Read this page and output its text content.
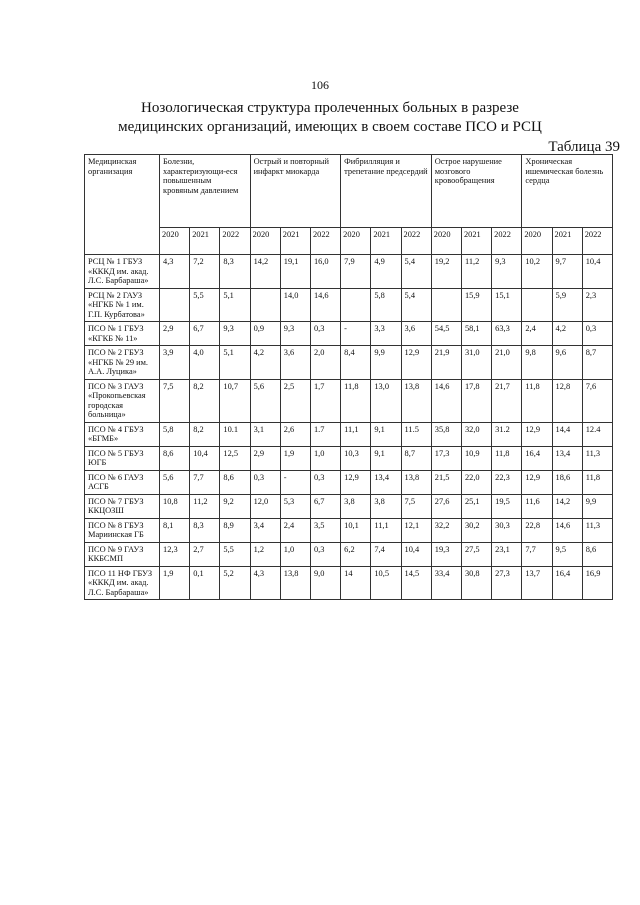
106
Нозологическая структура пролеченных больных в разрезе медицинских организаций, имеющих в своем составе ПСО и РСЦ
Таблица 39
Медицинская организация	Болезни, характеризующи-еся повышенным кровяным давлением			Острый и повторный инфаркт миокарда			Фибрилляция и трепетание предсердий			Острое нарушение мозгового кровообращения			Хроническая ишемическая болезнь сердца		
	2020	2021	2022	2020	2021	2022	2020	2021	2022	2020	2021	2022	2020	2021	2022
РСЦ № 1 ГБУЗ «КККД им. акад. Л.С. Барбараша»	4,3	7,2	8,3	14,2	19,1	16,0	7,9	4,9	5,4	19,2	11,2	9,3	10,2	9,7	10,4
РСЦ № 2 ГАУЗ «НГКБ № 1 им. Г.П. Курбатова»		5,5	5,1		14,0	14,6		5,8	5,4		15,9	15,1		5,9	2,3
ПСО № 1 ГБУЗ «КГКБ № 11»	2,9	6,7	9,3	0,9	9,3	0,3	-	3,3	3,6	54,5	58,1	63,3	2,4	4,2	0,3
ПСО № 2 ГБУЗ «НГКБ № 29 им. А.А. Луцика»	3,9	4,0	5,1	4,2	3,6	2,0	8,4	9,9	12,9	21,9	31,0	21,0	9,8	9,6	8,7
ПСО № 3 ГАУЗ «Прокопьевская городская больница»	7,5	8,2	10,7	5,6	2,5	1,7	11,8	13,0	13,8	14,6	17,8	21,7	11,8	12,8	7,6
ПСО № 4 ГБУЗ «БГМБ»	5,8	8,2	10.1	3,1	2,6	1.7	11,1	9,1	11.5	35,8	32,0	31.2	12,9	14,4	12.4
ПСО № 5 ГБУЗ ЮГБ	8,6	10,4	12,5	2,9	1,9	1,0	10,3	9,1	8,7	17,3	10,9	11,8	16,4	13,4	11,3
ПСО № 6 ГАУЗ АСГБ	5,6	7,7	8,6	0,3	-	0,3	12,9	13,4	13,8	21,5	22,0	22,3	12,9	18,6	11,8
ПСО № 7 ГБУЗ ККЦОЗШ	10,8	11,2	9,2	12,0	5,3	6,7	3,8	3,8	7,5	27,6	25,1	19,5	11,6	14,2	9,9
ПСО № 8 ГБУЗ Мариинская ГБ	8,1	8,3	8,9	3,4	2,4	3,5	10,1	11,1	12,1	32,2	30,2	30,3	22,8	14,6	11,3
ПСО № 9 ГАУЗ ККБСМП	12,3	2,7	5,5	1,2	1,0	0,3	6,2	7,4	10,4	19,3	27,5	23,1	7,7	9,5	8,6
ПСО 11 НФ ГБУЗ «КККД им. акад. Л.С. Барбараша»	1,9	0,1	5,2	4,3	13,8	9,0	14	10,5	14,5	33,4	30,8	27,3	13,7	16,4	16,9
